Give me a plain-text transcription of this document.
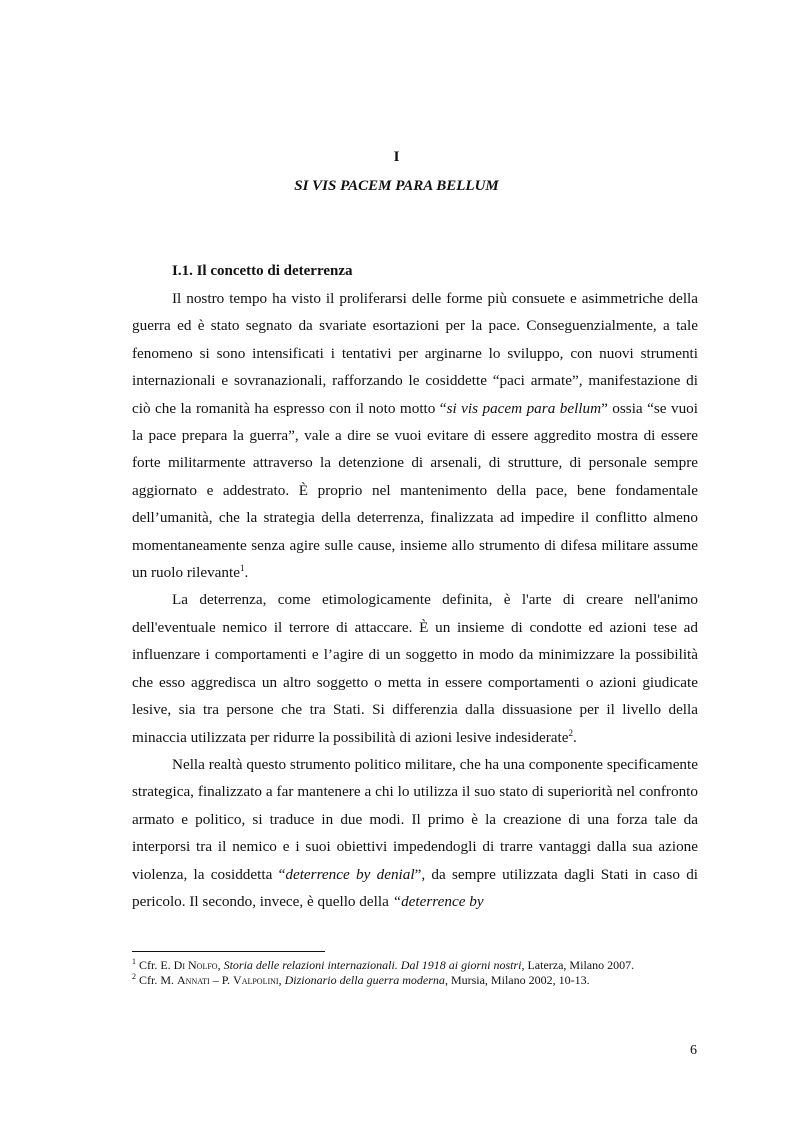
I
SI VIS PACEM PARA BELLUM
I.1. Il concetto di deterrenza

Il nostro tempo ha visto il proliferarsi delle forme più consuete e asimmetriche della guerra ed è stato segnato da svariate esortazioni per la pace. Conseguenzialmente, a tale fenomeno si sono intensificati i tentativi per arginarne lo sviluppo, con nuovi strumenti internazionali e sovranazionali, rafforzando le cosiddette “paci armate”, manifestazione di ciò che la romanità ha espresso con il noto motto “si vis pacem para bellum” ossia “se vuoi la pace prepara la guerra”, vale a dire se vuoi evitare di essere aggredito mostra di essere forte militarmente attraverso la detenzione di arsenali, di strutture, di personale sempre aggiornato e addestrato. È proprio nel mantenimento della pace, bene fondamentale dell’umanità, che la strategia della deterrenza, finalizzata ad impedire il conflitto almeno momentaneamente senza agire sulle cause, insieme allo strumento di difesa militare assume un ruolo rilevante$^1$.

La deterrenza, come etimologicamente definita, è l'arte di creare nell'animo dell'eventuale nemico il terrore di attaccare. È un insieme di condotte ed azioni tese ad influenzare i comportamenti e l’agire di un soggetto in modo da minimizzare la possibilità che esso aggredisca un altro soggetto o metta in essere comportamenti o azioni giudicate lesive, sia tra persone che tra Stati. Si differenzia dalla dissuasione per il livello della minaccia utilizzata per ridurre la possibilità di azioni lesive indesiderate$^2$.

Nella realtà questo strumento politico militare, che ha una componente specificamente strategica, finalizzato a far mantenere a chi lo utilizza il suo stato di superiorità nel confronto armato e politico, si traduce in due modi. Il primo è la creazione di una forza tale da interporsi tra il nemico e i suoi obiettivi impedendogli di trarre vantaggi dalla sua azione violenza, la cosiddetta “deterrence by denial”, da sempre utilizzata dagli Stati in caso di pericolo. Il secondo, invece, è quello della “deterrence by

$^1$ Cfr. E. Di Nolfo, Storia delle relazioni internazionali. Dal 1918 ai giorni nostri, Laterza, Milano 2007.
$^2$ Cfr. M. Annati – P. Valpolini, Dizionario della guerra moderna, Mursia, Milano 2002, 10-13.
6
